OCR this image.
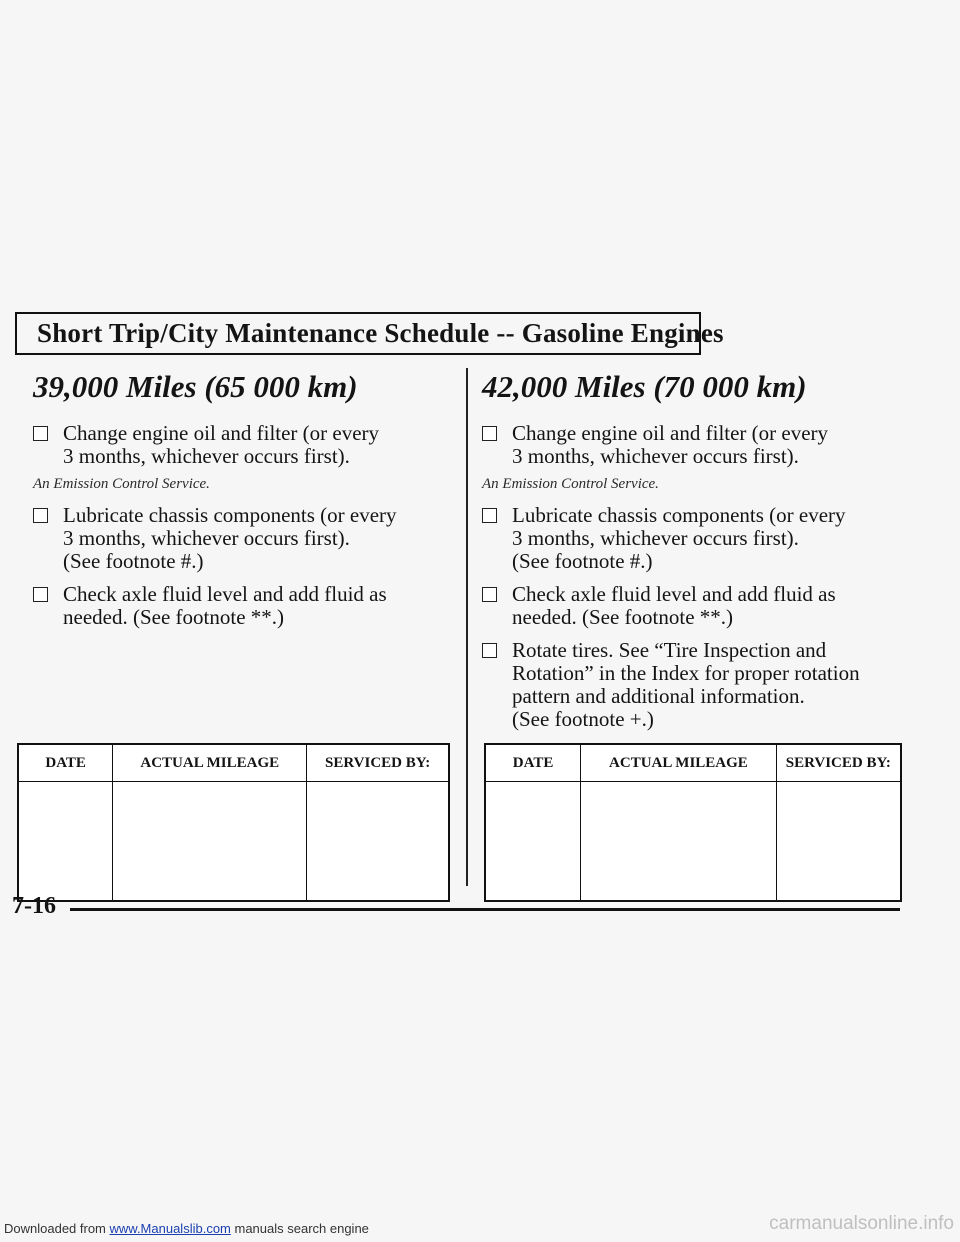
Short Trip/City Maintenance Schedule -- Gasoline Engines
39,000 Miles (65 000 km)
Change engine oil and filter (or every
3 months, whichever occurs first).
An Emission Control Service.
Lubricate chassis components (or every
3 months, whichever occurs first).
(See footnote #.)
Check axle fluid level and add fluid as
needed. (See footnote **.)
42,000 Miles (70 000 km)
Change engine oil and filter (or every
3 months, whichever occurs first).
An Emission Control Service.
Lubricate chassis components (or every
3 months, whichever occurs first).
(See footnote #.)
Check axle fluid level and add fluid as
needed. (See footnote **.)
Rotate tires. See “Tire Inspection and
Rotation” in the Index for proper rotation
pattern and additional information.
(See footnote +.)
DATE	ACTUAL MILEAGE	SERVICED BY:
			DATE	ACTUAL MILEAGE	SERVICED BY:

7-16
Downloaded from www.Manualslib.com manuals search engine	carmanualsonline.info
